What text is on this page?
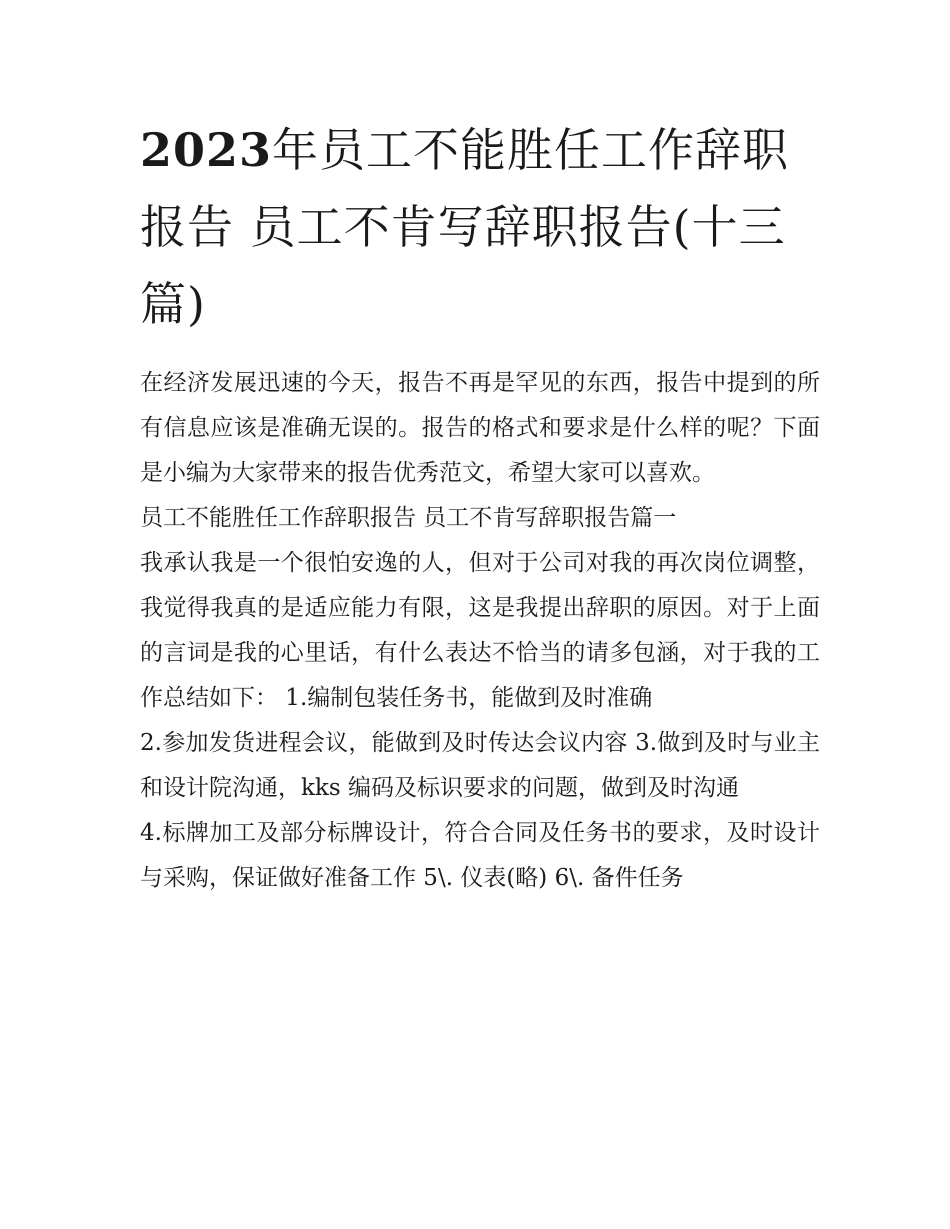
2023年员工不能胜任工作辞职报告 员工不肯写辞职报告(十三篇)

在经济发展迅速的今天，报告不再是罕见的东西，报告中提到的所有信息应该是准确无误的。报告的格式和要求是什么样的呢？下面是小编为大家带来的报告优秀范文，希望大家可以喜欢。

员工不能胜任工作辞职报告 员工不肯写辞职报告篇一

我承认我是一个很怕安逸的人，但对于公司对我的再次岗位调整，我觉得我真的是适应能力有限，这是我提出辞职的原因。对于上面的言词是我的心里话，有什么表达不恰当的请多包涵，对于我的工作总结如下： 1.编制包装任务书，能做到及时准确

2.参加发货进程会议，能做到及时传达会议内容 3.做到及时与业主和设计院沟通，kks 编码及标识要求的问题，做到及时沟通

4.标牌加工及部分标牌设计，符合合同及任务书的要求，及时设计与采购，保证做好准备工作 5\. 仪表(略) 6\. 备件任务
